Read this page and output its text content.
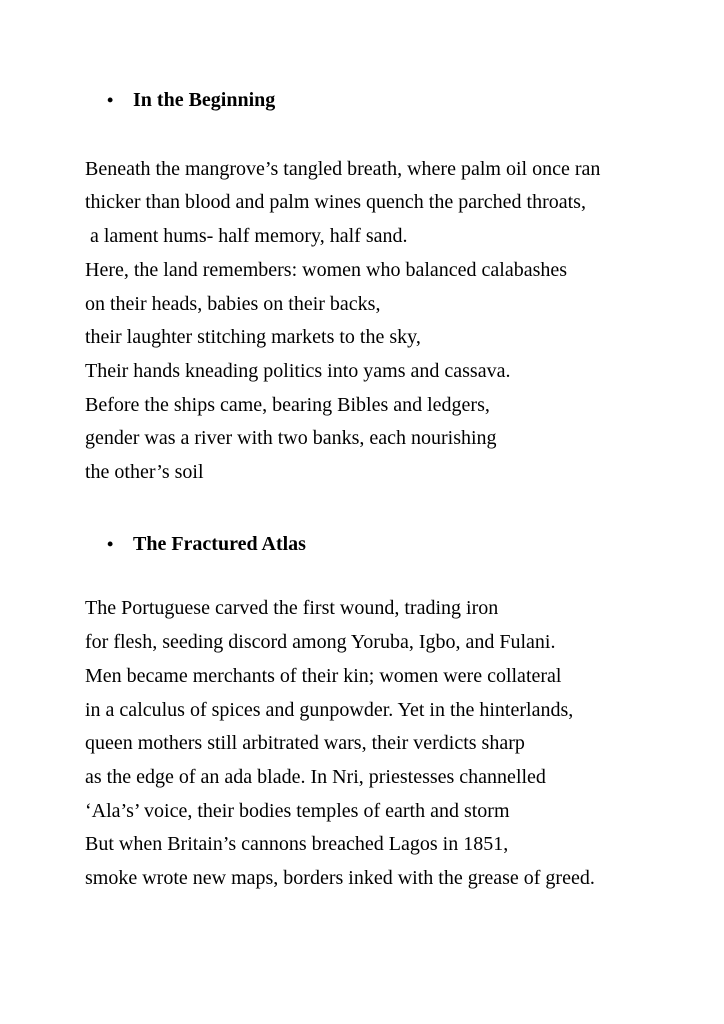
• In the Beginning
Beneath the mangrove’s tangled breath, where palm oil once ran
thicker than blood and palm wines quench the parched throats,
a lament hums- half memory, half sand.
Here, the land remembers: women who balanced calabashes
on their heads, babies on their backs,
their laughter stitching markets to the sky,
Their hands kneading politics into yams and cassava.
Before the ships came, bearing Bibles and ledgers,
gender was a river with two banks, each nourishing
the other’s soil
• The Fractured Atlas
The Portuguese carved the first wound, trading iron
for flesh, seeding discord among Yoruba, Igbo, and Fulani.
Men became merchants of their kin; women were collateral
in a calculus of spices and gunpowder. Yet in the hinterlands,
queen mothers still arbitrated wars, their verdicts sharp
as the edge of an ada blade. In Nri, priestesses channelled
‘Ala’s’ voice, their bodies temples of earth and storm
But when Britain’s cannons breached Lagos in 1851,
smoke wrote new maps, borders inked with the grease of greed.
